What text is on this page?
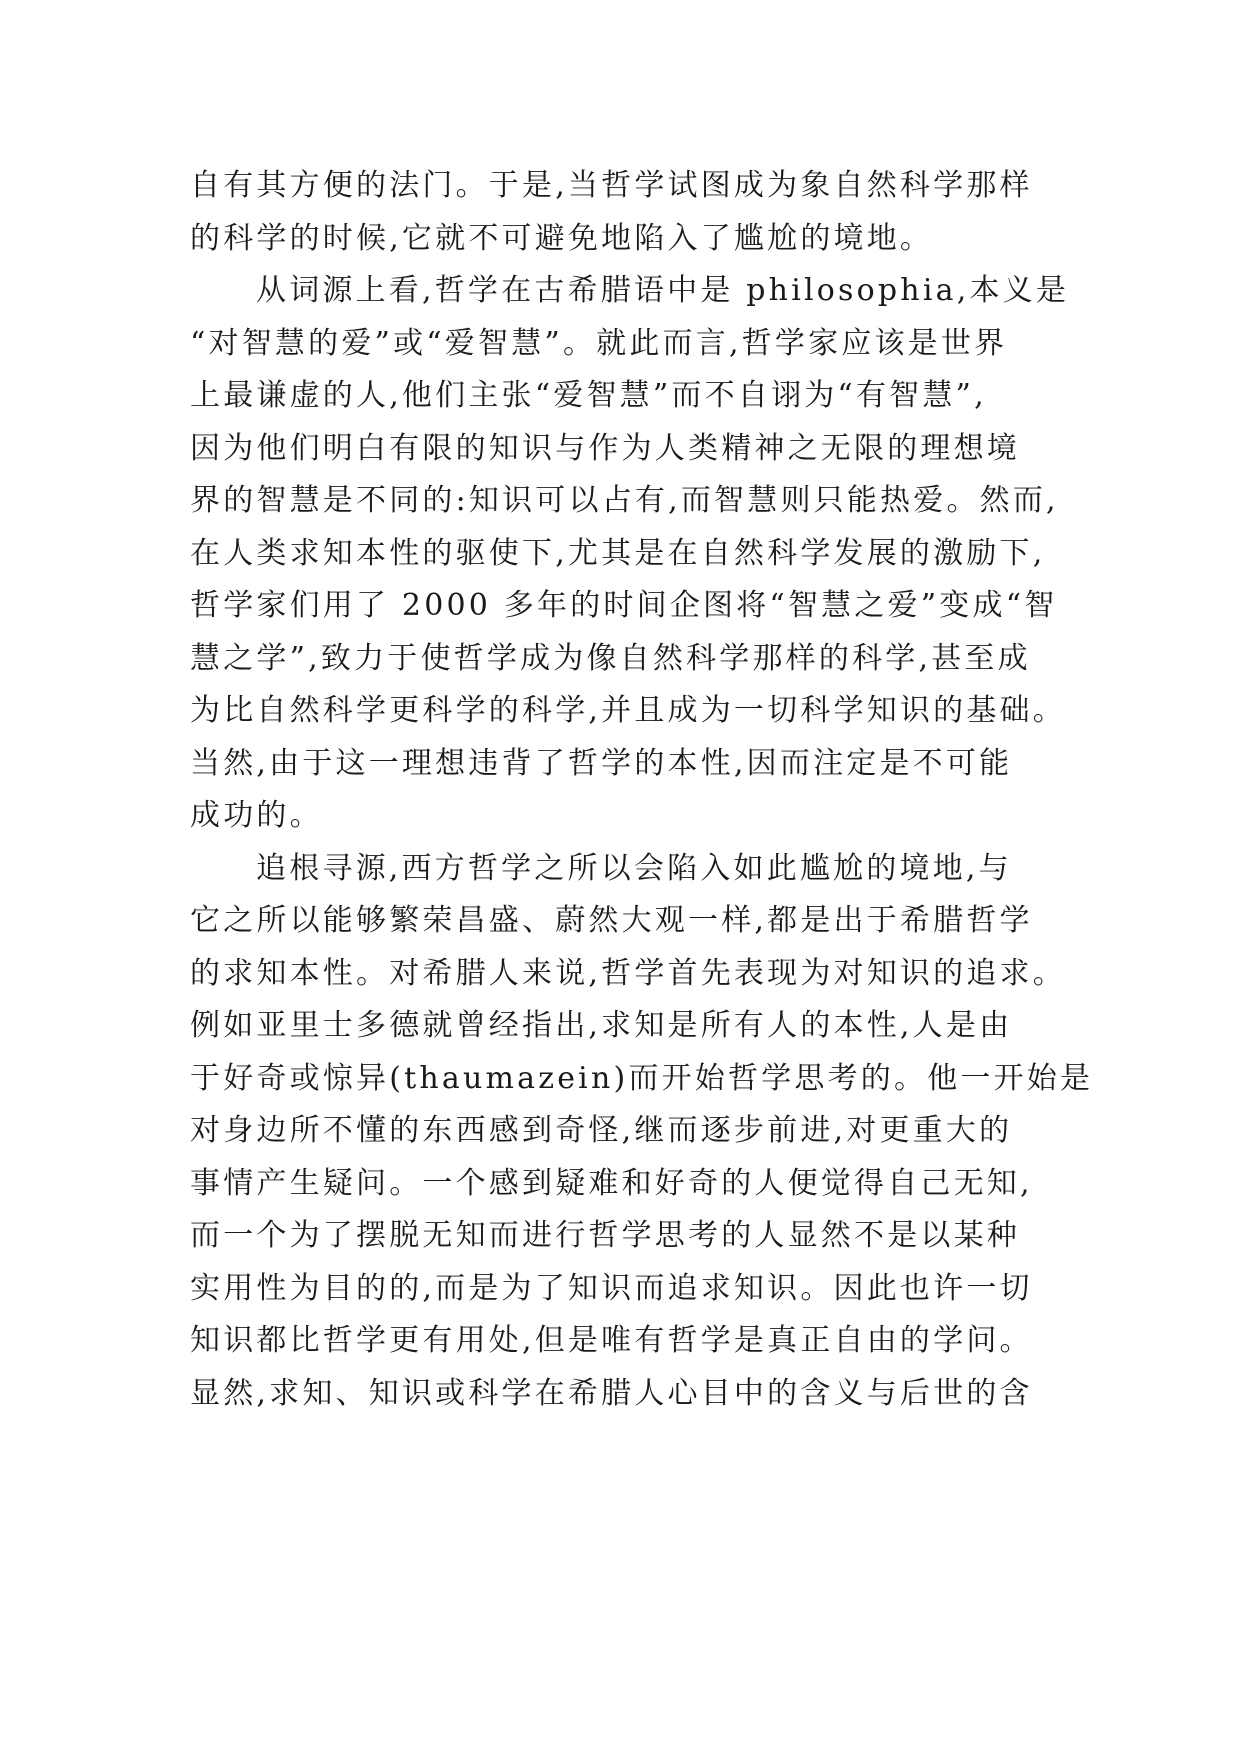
自有其方便的法门。于是,当哲学试图成为象自然科学那样
的科学的时候,它就不可避免地陷入了尴尬的境地。
从词源上看,哲学在古希腊语中是 philosophia,本义是
“对智慧的爱”或“爱智慧”。就此而言,哲学家应该是世界
上最谦虚的人,他们主张“爱智慧”而不自诩为“有智慧”,
因为他们明白有限的知识与作为人类精神之无限的理想境
界的智慧是不同的:知识可以占有,而智慧则只能热爱。然而,
在人类求知本性的驱使下,尤其是在自然科学发展的激励下,
哲学家们用了 2000 多年的时间企图将“智慧之爱”变成“智
慧之学”,致力于使哲学成为像自然科学那样的科学,甚至成
为比自然科学更科学的科学,并且成为一切科学知识的基础。
当然,由于这一理想违背了哲学的本性,因而注定是不可能
成功的。
追根寻源,西方哲学之所以会陷入如此尴尬的境地,与
它之所以能够繁荣昌盛、蔚然大观一样,都是出于希腊哲学
的求知本性。对希腊人来说,哲学首先表现为对知识的追求。
例如亚里士多德就曾经指出,求知是所有人的本性,人是由
于好奇或惊异(thaumazein)而开始哲学思考的。他一开始是
对身边所不懂的东西感到奇怪,继而逐步前进,对更重大的
事情产生疑问。一个感到疑难和好奇的人便觉得自己无知,
而一个为了摆脱无知而进行哲学思考的人显然不是以某种
实用性为目的的,而是为了知识而追求知识。因此也许一切
知识都比哲学更有用处,但是唯有哲学是真正自由的学问。
显然,求知、知识或科学在希腊人心目中的含义与后世的含
